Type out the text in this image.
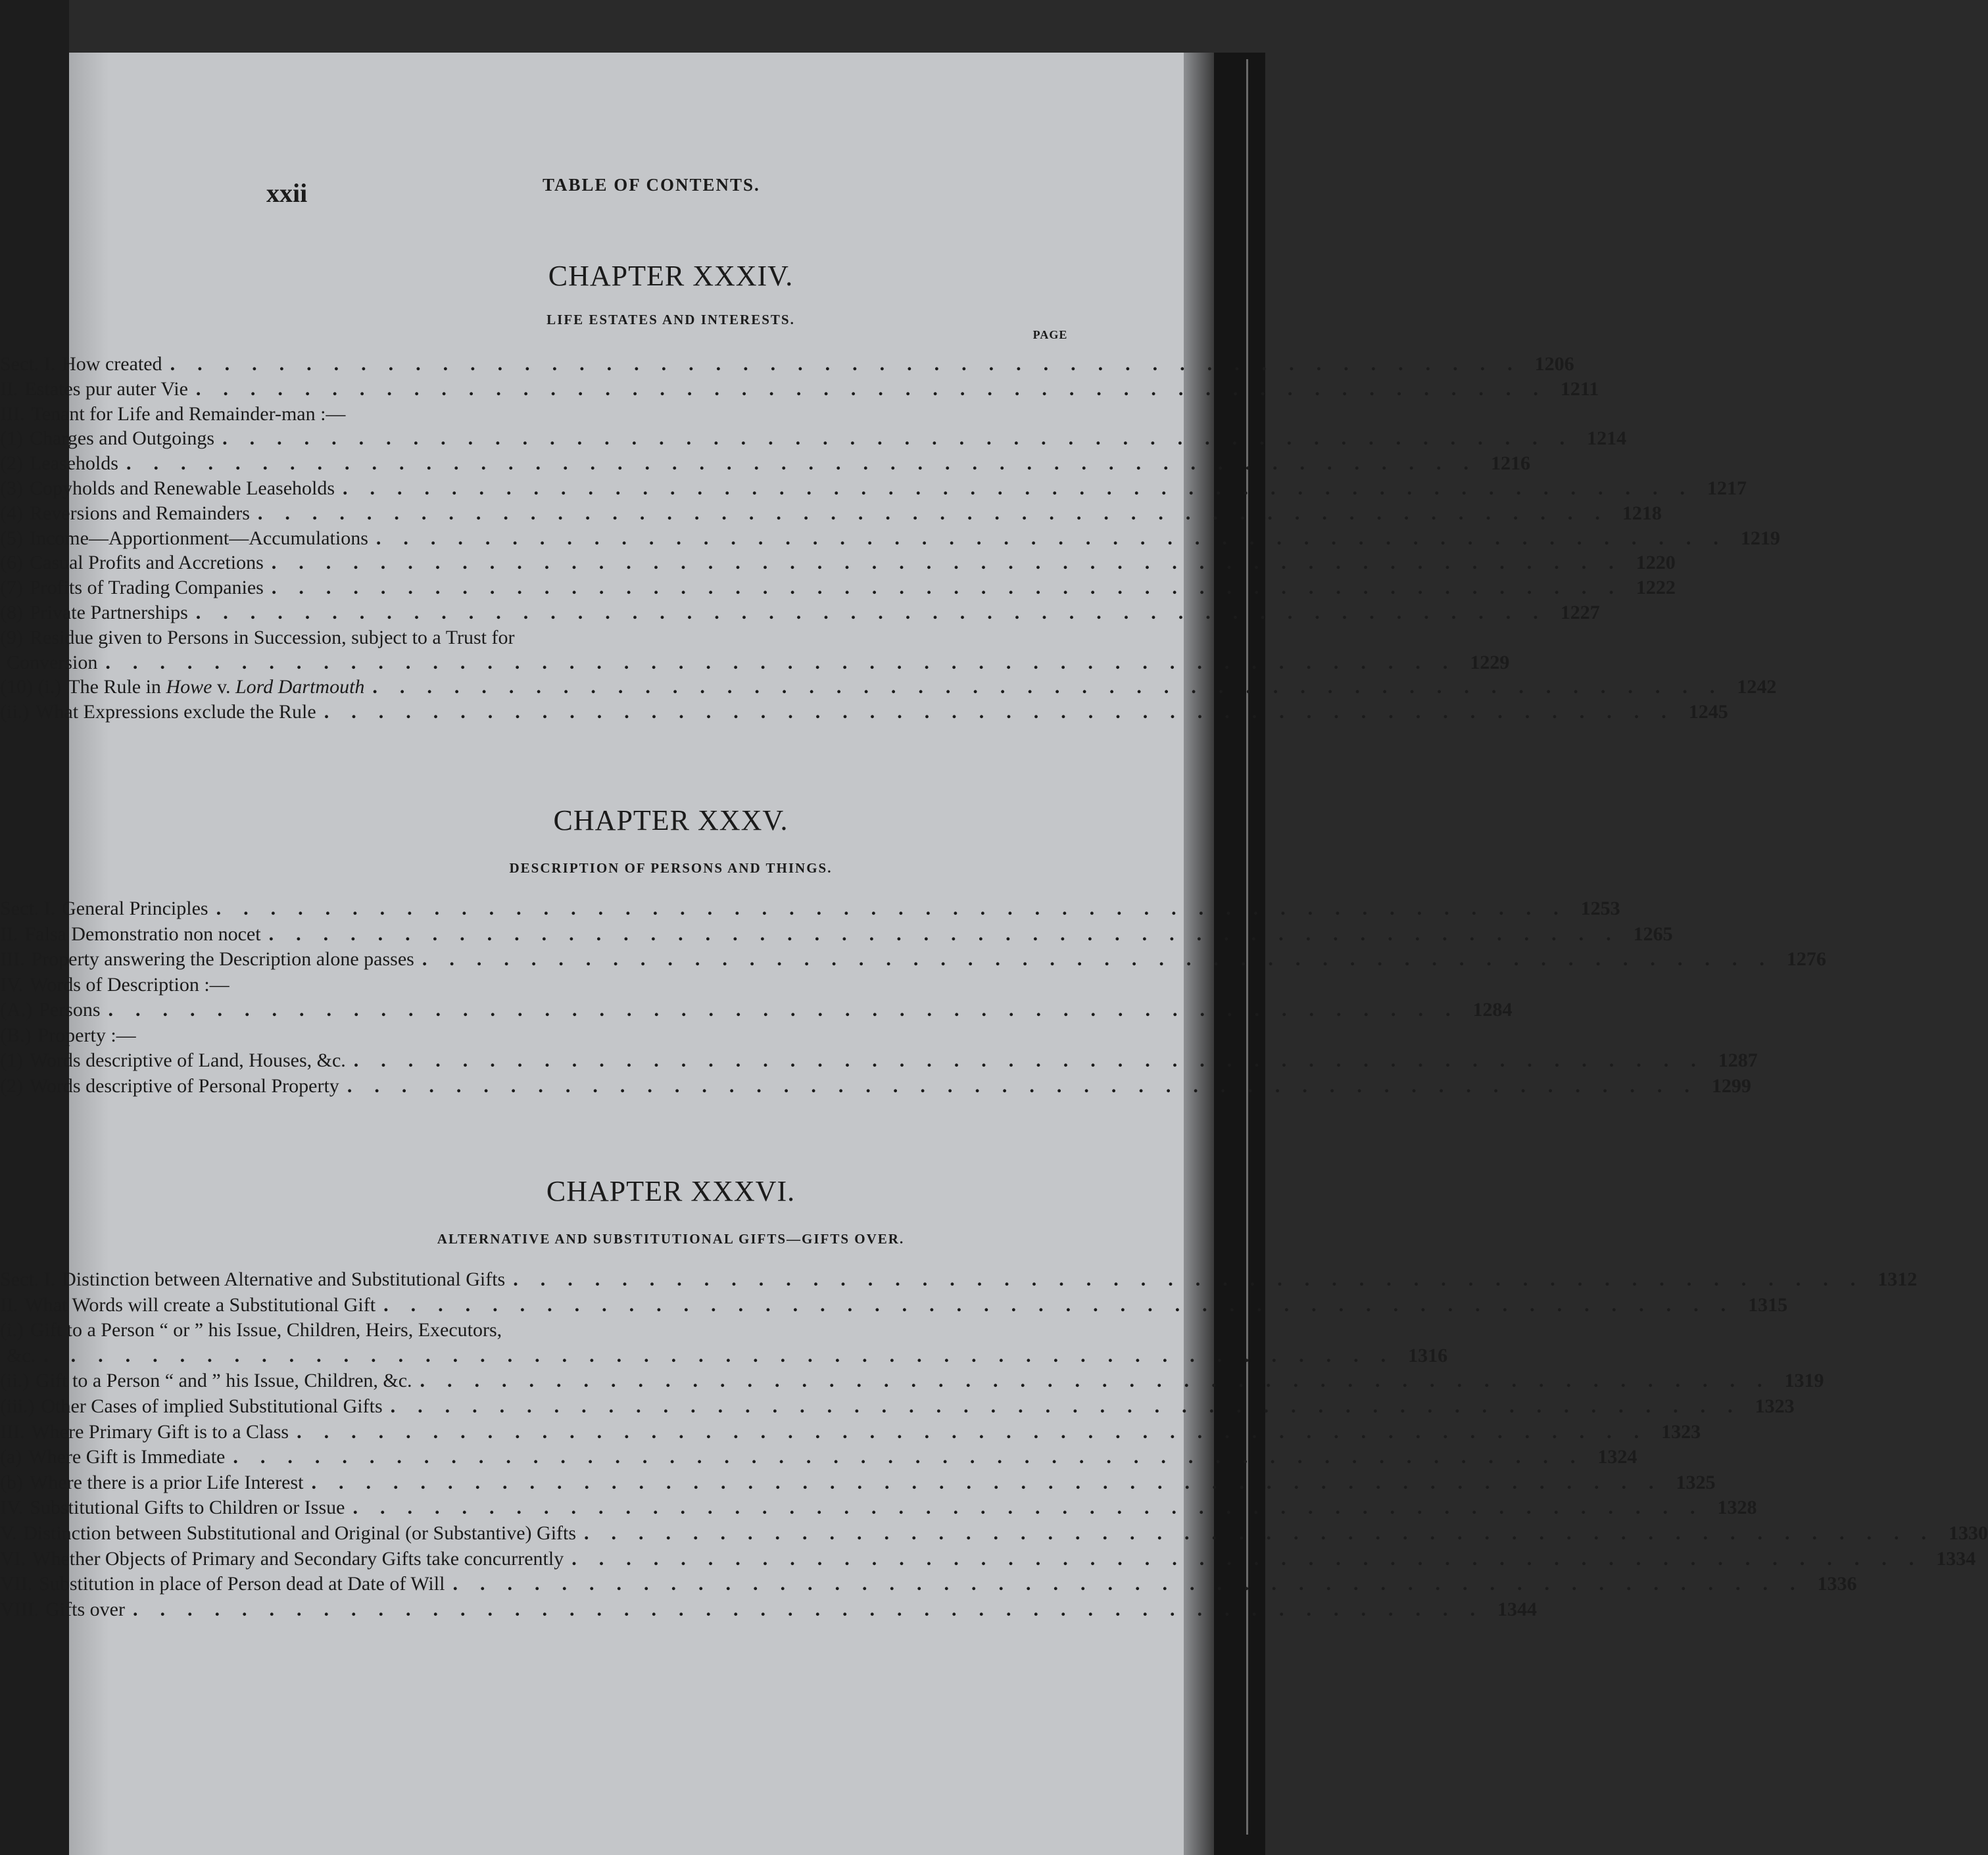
xxii	TABLE OF CONTENTS.
CHAPTER XXXIV.
LIFE ESTATES AND INTERESTS.
PAGE
Sect. I. How created .................................................. 1206
II. Estates pur auter Vie .................................................. 1211
III. Tenant for Life and Remainder-man :—
(1) Charges and Outgoings .................................................. 1214
(2) Leaseholds .................................................. 1216
(3) Copyholds and Renewable Leaseholds .................................................. 1217
(4) Reversions and Remainders .................................................. 1218
(5) Income—Apportionment—Accumulations .................................................. 1219
(6) Casual Profits and Accretions .................................................. 1220
(7) Profits of Trading Companies .................................................. 1222
(8) Private Partnerships .................................................. 1227
(9) Residue given to Persons in Succession, subject to a Trust for
Conversion .................................................. 1229
(10) (i.) The Rule in Howe v. Lord Dartmouth .................................................. 1242
(ii.) What Expressions exclude the Rule .................................................. 1245
CHAPTER XXXV.
DESCRIPTION OF PERSONS AND THINGS.
Sect. I. General Principles .................................................. 1253
II. Falsa Demonstratio non nocet .................................................. 1265
III. Property answering the Description alone passes .................................................. 1276
IV. Words of Description :—
(A.) Persons .................................................. 1284
(B.) Property :—
(1) Words descriptive of Land, Houses, &c. .................................................. 1287
(2) Words descriptive of Personal Property .................................................. 1299
CHAPTER XXXVI.
ALTERNATIVE AND SUBSTITUTIONAL GIFTS—GIFTS OVER.
Sect. I. Distinction between Alternative and Substitutional Gifts .................................................. 1312
II. What Words will create a Substitutional Gift .................................................. 1315
(i.) Gift to a Person “ or ” his Issue, Children, Heirs, Executors,
&c. .................................................. 1316
(ii.) Gift to a Person “ and ” his Issue, Children, &c. .................................................. 1319
(iii.) Other Cases of implied Substitutional Gifts .................................................. 1323
III. Where Primary Gift is to a Class .................................................. 1323
(a) Where Gift is Immediate .................................................. 1324
(b) Where there is a prior Life Interest .................................................. 1325
IV. Substitutional Gifts to Children or Issue .................................................. 1328
V. Distinction between Substitutional and Original (or Substantive) Gifts .................................................. 1330
VI. Whether Objects of Primary and Secondary Gifts take concurrently .................................................. 1334
VII. Substitution in place of Person dead at Date of Will .................................................. 1336
VIII. Gifts over .................................................. 1344
